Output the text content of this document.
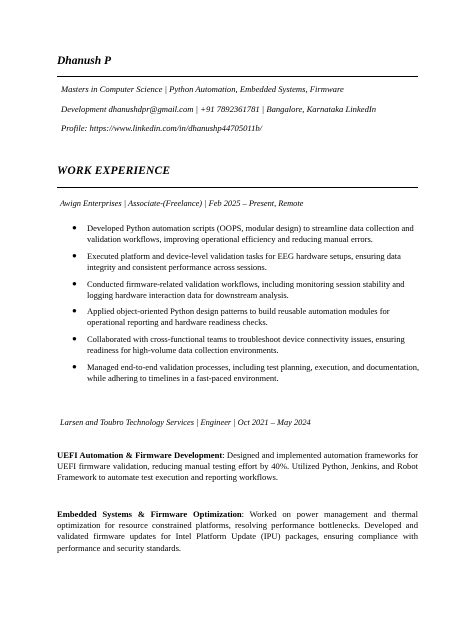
Dhanush P
Masters in Computer Science | Python Automation, Embedded Systems, Firmware
Development dhanushdpr@gmail.com | +91 7892361781 | Bangalore, Karnataka LinkedIn
Profile: https://www.linkedin.com/in/dhanushp44705011b/
WORK EXPERIENCE
Awign Enterprises | Associate-(Freelance) | Feb 2025 – Present, Remote
● Developed Python automation scripts (OOPS, modular design) to streamline data collection and validation workflows, improving operational efficiency and reducing manual errors.
● Executed platform and device-level validation tasks for EEG hardware setups, ensuring data integrity and consistent performance across sessions.
● Conducted firmware-related validation workflows, including monitoring session stability and logging hardware interaction data for downstream analysis.
● Applied object-oriented Python design patterns to build reusable automation modules for operational reporting and hardware readiness checks.
● Collaborated with cross-functional teams to troubleshoot device connectivity issues, ensuring readiness for high-volume data collection environments.
● Managed end-to-end validation processes, including test planning, execution, and documentation, while adhering to timelines in a fast-paced environment.
Larsen and Toubro Technology Services | Engineer | Oct 2021 – May 2024
UEFI Automation & Firmware Development: Designed and implemented automation frameworks for UEFI firmware validation, reducing manual testing effort by 40%. Utilized Python, Jenkins, and Robot Framework to automate test execution and reporting workflows.
Embedded Systems & Firmware Optimization: Worked on power management and thermal optimization for resource constrained platforms, resolving performance bottlenecks. Developed and validated firmware updates for Intel Platform Update (IPU) packages, ensuring compliance with performance and security standards.
